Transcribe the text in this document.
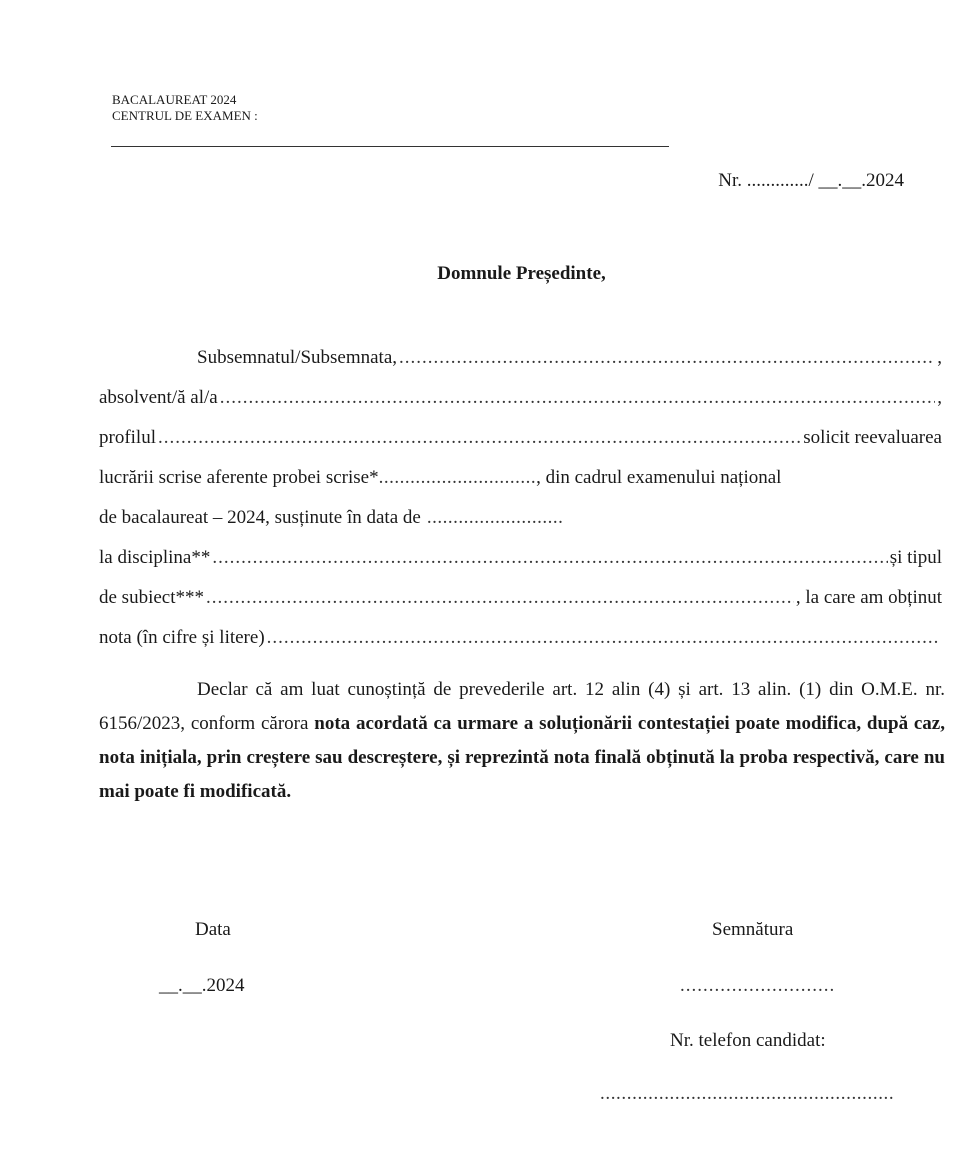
BACALAUREAT 2024
CENTRUL DE EXAMEN :
Nr. ............./ __.__.2024
Domnule Președinte,
Subsemnatul/Subsemnata, .....	,
absolvent/ă al/a .....	,
profilul .....	solicit reevaluarea
lucrării scrise aferente probei scrise* .............................. , din cadrul examenului național
de bacalaureat – 2024, susținute în data de ..........................
la disciplina** .....	și tipul
de subiect*** .....	, la care am obținut
nota (în cifre și litere)
.....
Declar că am luat cunoștință de prevederile art. 12 alin (4) și art. 13 alin. (1) din O.M.E. nr. 6156/2023, conform cărora nota acordată ca urmare a soluționării contestației poate modifica, după caz, nota inițiala, prin creștere sau descreștere, și reprezintă nota finală obținută la proba respectivă, care nu mai poate fi modificată.
Data
__.__.2024
Semnătura
...........................
Nr. telefon candidat:
.......................................................
